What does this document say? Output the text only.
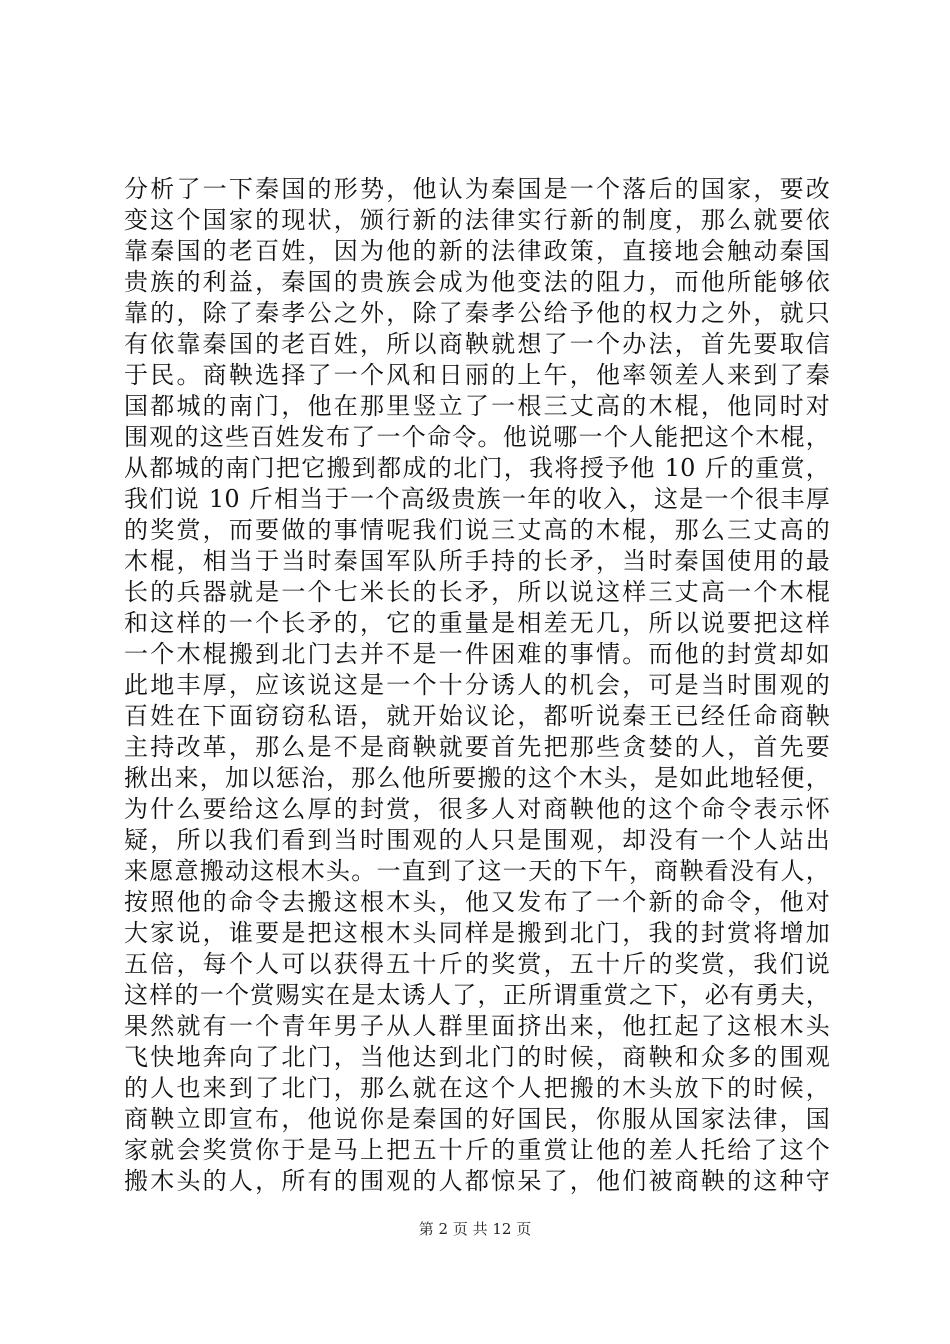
分析了一下秦国的形势，他认为秦国是一个落后的国家，要改
变这个国家的现状，颁行新的法律实行新的制度，那么就要依
靠秦国的老百姓，因为他的新的法律政策，直接地会触动秦国
贵族的利益，秦国的贵族会成为他变法的阻力，而他所能够依
靠的，除了秦孝公之外，除了秦孝公给予他的权力之外，就只
有依靠秦国的老百姓，所以商鞅就想了一个办法，首先要取信
于民。商鞅选择了一个风和日丽的上午，他率领差人来到了秦
国都城的南门，他在那里竖立了一根三丈高的木棍，他同时对
围观的这些百姓发布了一个命令。他说哪一个人能把这个木棍，
从都城的南门把它搬到都成的北门，我将授予他 10 斤的重赏，
我们说 10 斤相当于一个高级贵族一年的收入，这是一个很丰厚
的奖赏，而要做的事情呢我们说三丈高的木棍，那么三丈高的
木棍，相当于当时秦国军队所手持的长矛，当时秦国使用的最
长的兵器就是一个七米长的长矛，所以说这样三丈高一个木棍
和这样的一个长矛的，它的重量是相差无几，所以说要把这样
一个木棍搬到北门去并不是一件困难的事情。而他的封赏却如
此地丰厚，应该说这是一个十分诱人的机会，可是当时围观的
百姓在下面窃窃私语，就开始议论，都听说秦王已经任命商鞅
主持改革，那么是不是商鞅就要首先把那些贪婪的人，首先要
揪出来，加以惩治，那么他所要搬的这个木头，是如此地轻便，
为什么要给这么厚的封赏，很多人对商鞅他的这个命令表示怀
疑，所以我们看到当时围观的人只是围观，却没有一个人站出
来愿意搬动这根木头。一直到了这一天的下午，商鞅看没有人，
按照他的命令去搬这根木头，他又发布了一个新的命令，他对
大家说，谁要是把这根木头同样是搬到北门，我的封赏将增加
五倍，每个人可以获得五十斤的奖赏，五十斤的奖赏，我们说
这样的一个赏赐实在是太诱人了，正所谓重赏之下，必有勇夫，
果然就有一个青年男子从人群里面挤出来，他扛起了这根木头
飞快地奔向了北门，当他达到北门的时候，商鞅和众多的围观
的人也来到了北门，那么就在这个人把搬的木头放下的时候，
商鞅立即宣布，他说你是秦国的好国民，你服从国家法律，国
家就会奖赏你于是马上把五十斤的重赏让他的差人托给了这个
搬木头的人，所有的围观的人都惊呆了，他们被商鞅的这种守
第 2 页 共 12 页
